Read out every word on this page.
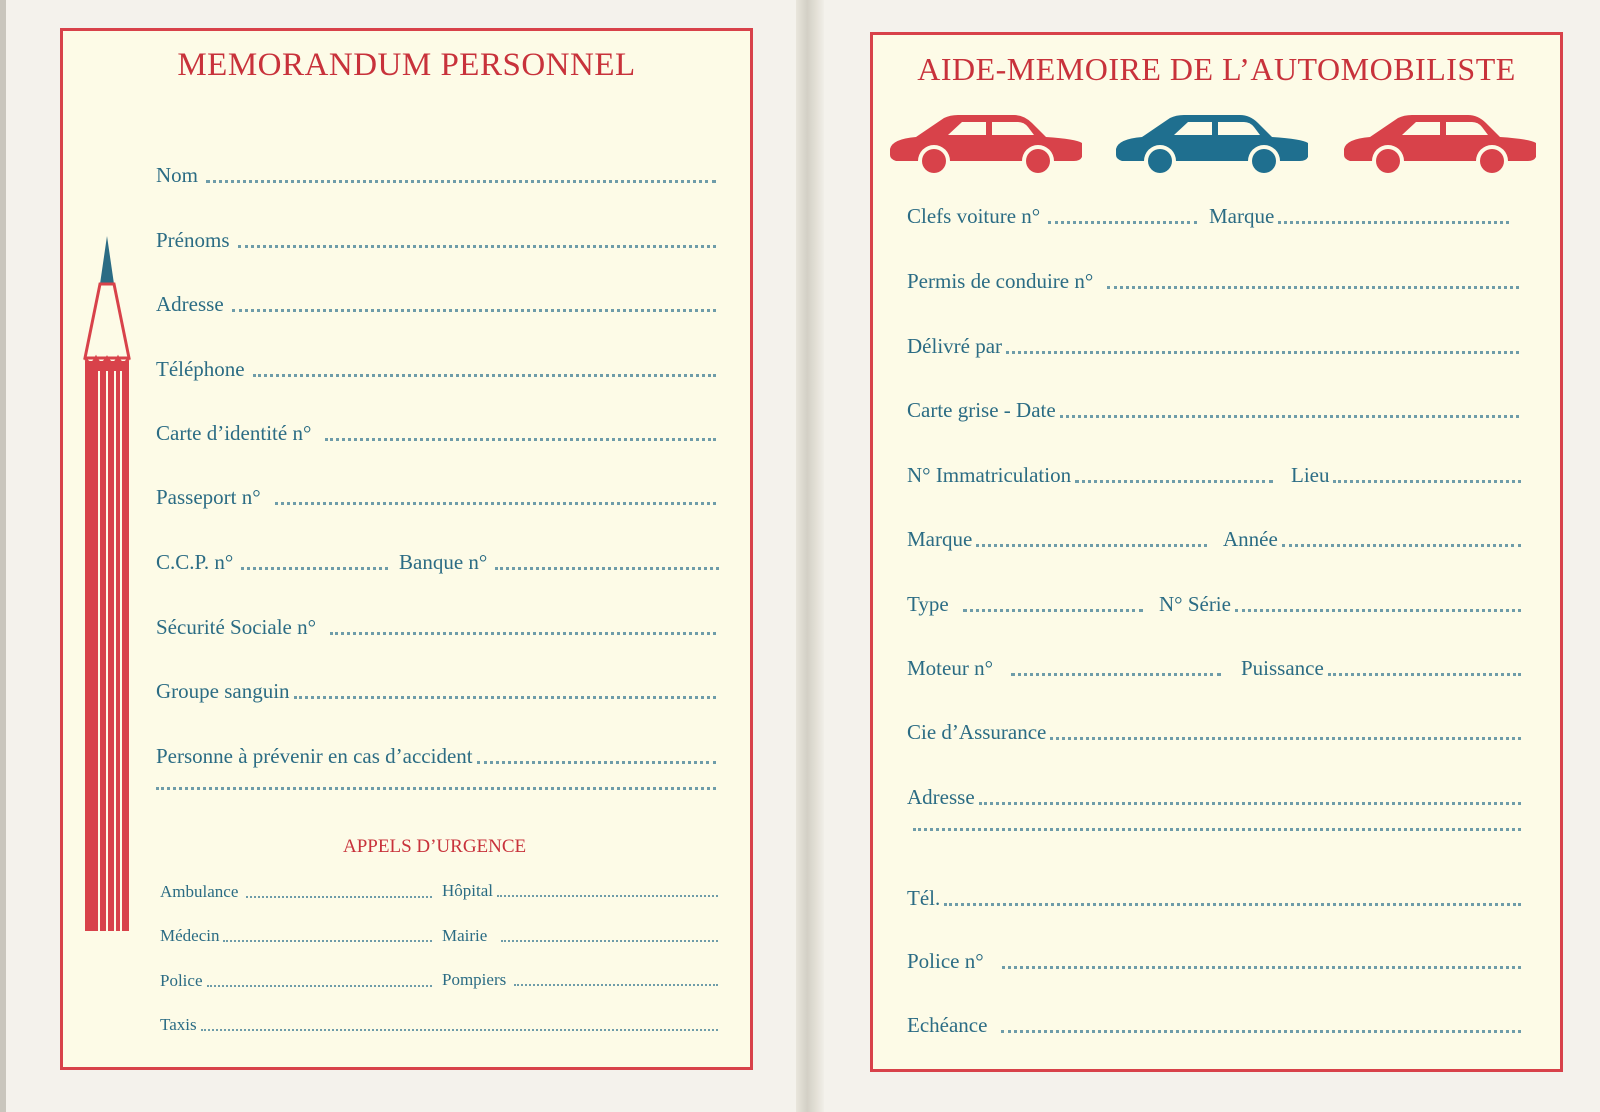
MEMORANDUM PERSONNEL
Nom
Prénoms
Adresse
Téléphone
Carte d’identité n°
Passeport n°
C.C.P. n°	Banque n°
Sécurité Sociale n°
Groupe sanguin
Personne à prévenir en cas d’accident
APPELS D’URGENCE
Ambulance	Hôpital
Médecin	Mairie
Police	Pompiers
Taxis
AIDE-MEMOIRE DE L’AUTOMOBILISTE
Clefs voiture n°	Marque
Permis de conduire n°
Délivré par
Carte grise - Date
N° Immatriculation	Lieu
Marque	Année
Type	N° Série
Moteur n°	Puissance
Cie d’Assurance
Adresse
Tél.
Police n°
Echéance
